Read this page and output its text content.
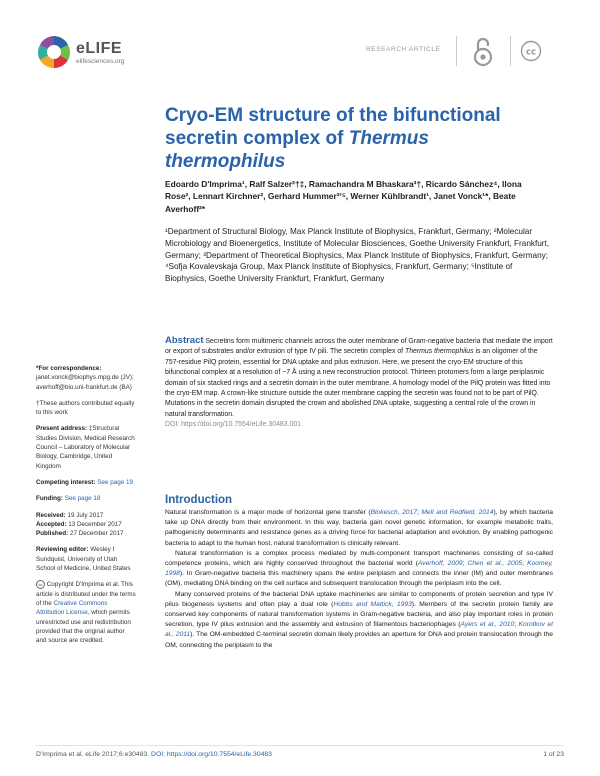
eLIFE
elifesciences.org
RESEARCH ARTICLE	cc
Cryo-EM structure of the bifunctional secretin complex of Thermus thermophilus
Edoardo D'Imprima¹, Ralf Salzer²†‡, Ramachandra M Bhaskara³†, Ricardo Sánchez⁴, Ilona Rose², Lennart Kirchner², Gerhard Hummer³ʼ⁵, Werner Kühlbrandt¹, Janet Vonck¹*, Beate Averhoff²*
¹Department of Structural Biology, Max Planck Institute of Biophysics, Frankfurt, Germany; ²Molecular Microbiology and Bioenergetics, Institute of Molecular Biosciences, Goethe University Frankfurt, Frankfurt, Germany; ³Department of Theoretical Biophysics, Max Planck Institute of Biophysics, Frankfurt, Germany; ⁴Sofja Kovalevskaja Group, Max Planck Institute of Biophysics, Frankfurt, Germany; ⁵Institute of Biophysics, Goethe University Frankfurt, Frankfurt, Germany
Abstract Secretins form multimeric channels across the outer membrane of Gram-negative bacteria that mediate the import or export of substrates and/or extrusion of type IV pili. The secretin complex of Thermus thermophilus is an oligomer of the 757-residue PilQ protein, essential for DNA uptake and pilus extrusion. Here, we present the cryo-EM structure of this bifunctional complex at a resolution of ~7 Å using a new reconstruction protocol. Thirteen protomers form a large periplasmic domain of six stacked rings and a secretin domain in the outer membrane. A homology model of the PilQ protein was fitted into the cryo-EM map. A crown-like structure outside the outer membrane capping the secretin was found not to be part of PilQ. Mutations in the secretin domain disrupted the crown and abolished DNA uptake, suggesting a central role of the crown in natural transformation.
DOI: https://doi.org/10.7554/eLife.30483.001
*For correspondence:
janet.vonck@biophys.mpg.de (JV); averhoff@bio.uni-frankfurt.de (BA)
†These authors contributed equally to this work
Present address: ‡Structural Studies Division, Medical Research Council – Laboratory of Molecular Biology, Cambridge, United Kingdom
Competing interest: See page 19
Funding: See page 18
Received: 19 July 2017
Accepted: 13 December 2017
Published: 27 December 2017
Reviewing editor: Wesley I Sundquist, University of Utah School of Medicine, United States
cc Copyright D'Imprima et al. This article is distributed under the terms of the Creative Commons Attribution License, which permits unrestricted use and redistribution provided that the original author and source are credited.
Introduction

Natural transformation is a major mode of horizontal gene transfer (Blokesch, 2017; Mell and Redfield, 2014), by which bacteria take up DNA directly from their environment. In this way, bacteria gain novel genetic information, for example metabolic traits, pathogenicity determinants and resistance genes as a driving force for bacterial adaptation and evolution. By enabling pathogenic bacteria to adapt to the human host, natural transformation is clinically relevant.

Natural transformation is a complex process mediated by multi-component transport machineries consisting of so-called competence proteins, which are highly conserved throughout the bacterial world (Averhoff, 2009; Chen et al., 2005; Koomey, 1998). In Gram-negative bacteria this machinery spans the entire periplasm and connects the inner (IM) and outer membranes (OM), mediating DNA binding on the cell surface and subsequent translocation through the periplasm into the cell.

Many conserved proteins of the bacterial DNA uptake machineries are similar to components of protein secretion and type IV pilus biogenesis systems and often play a dual role (Hobbs and Mattick, 1993). Members of the secretin protein family are conserved key components of natural transformation systems in Gram-negative bacteria, and also play important roles in protein secretion, type IV pilus extrusion and the assembly and extrusion of filamentous bacteriophages (Ayers et al., 2010; Korotkov et al., 2011). The OM-embedded C-terminal secretin domain likely provides an aperture for DNA and protein translocation through the OM, connecting the periplasm to the

D'Imprima et al. eLife 2017;6:e30483. DOI: https://doi.org/10.7554/eLife.30483	1 of 23
